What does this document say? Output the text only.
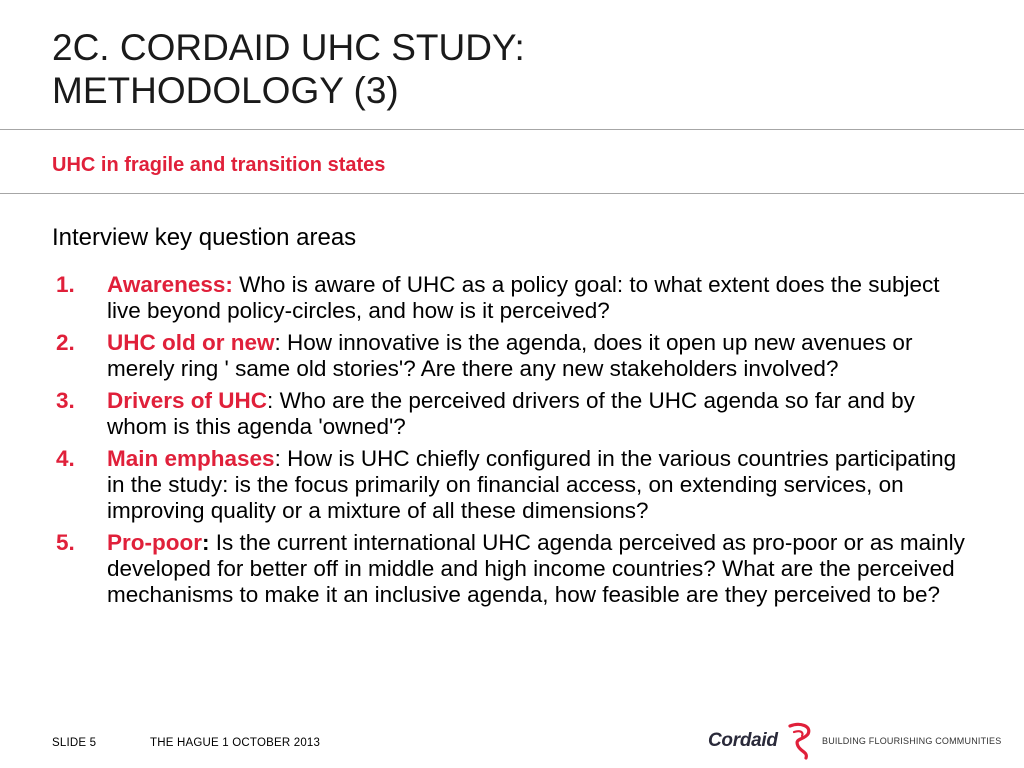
2C. CORDAID UHC STUDY:
METHODOLOGY (3)
UHC in fragile and transition states

Interview key question areas

1. Awareness: Who is aware of UHC as a policy goal: to what extent does the subject live beyond policy-circles, and how is it perceived?
2. UHC old or new: How innovative is the agenda, does it open up new avenues or merely ring ' same old stories'? Are there any new stakeholders involved?
3. Drivers of UHC: Who are the perceived drivers of the UHC agenda so far and by whom is this agenda 'owned'?
4. Main emphases: How is UHC chiefly configured in the various countries participating in the study: is the focus primarily on financial access, on extending services, on improving quality or a mixture of all these dimensions?
5. Pro-poor: Is the current international UHC agenda perceived as pro-poor or as mainly developed for better off in middle and high income countries? What are the perceived mechanisms to make it an inclusive agenda, how feasible are they perceived to be?
SLIDE 5	THE HAGUE 1 OCTOBER 2013	Cordaid	BUILDING FLOURISHING COMMUNITIES
